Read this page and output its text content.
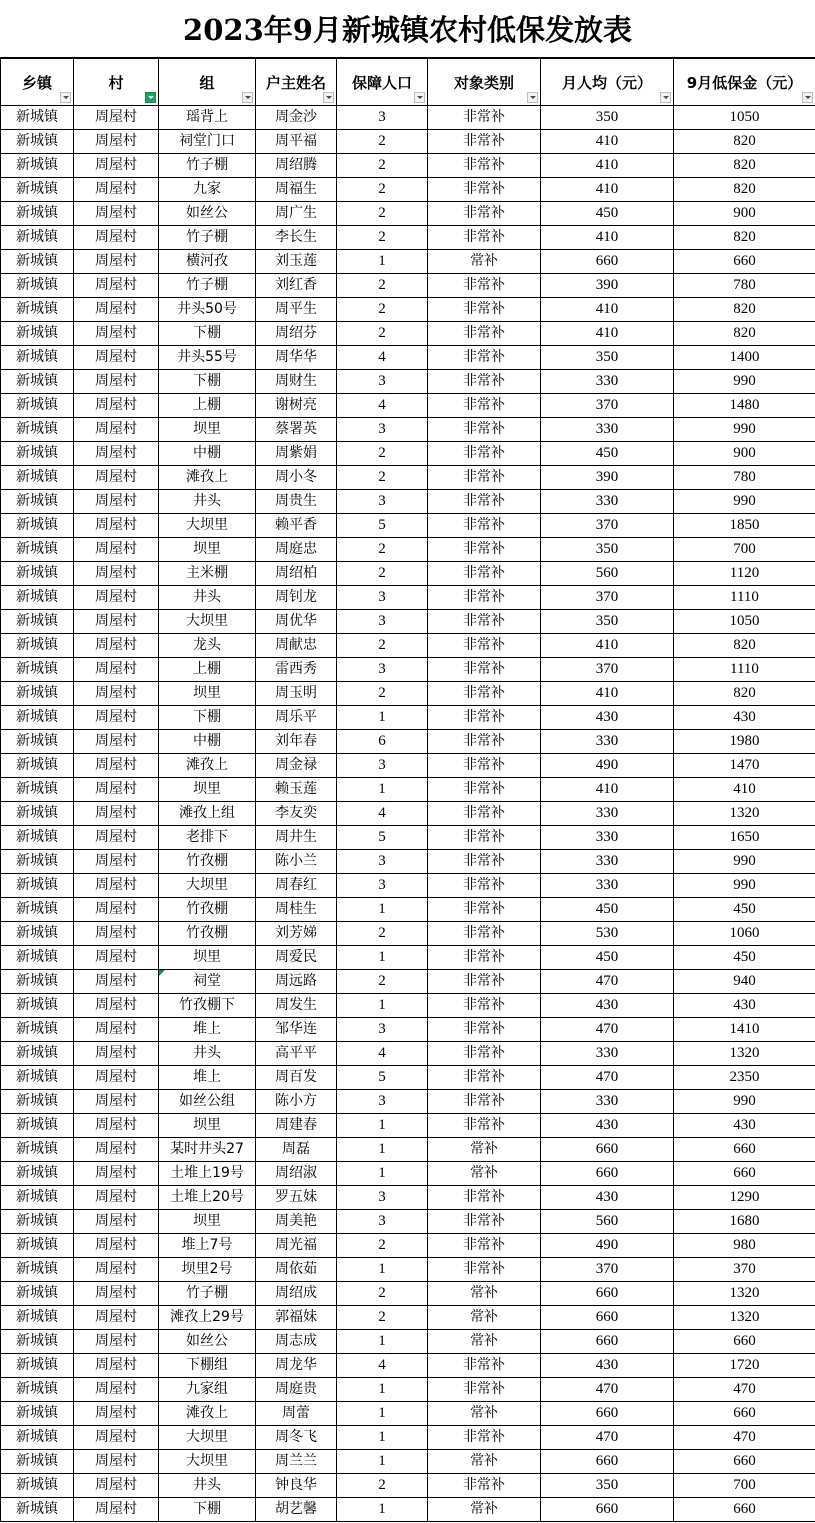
2023年9月新城镇农村低保发放表
乡镇	村	组	户主姓名	保障人口	对象类别	月人均（元）	9月低保金（元）

新城镇	周屋村	瑶背上	周金沙	3	非常补	350	1050
新城镇	周屋村	祠堂门口	周平福	2	非常补	410	820
新城镇	周屋村	竹子棚	周绍腾	2	非常补	410	820
新城镇	周屋村	九家	周福生	2	非常补	410	820
新城镇	周屋村	如丝公	周广生	2	非常补	450	900
新城镇	周屋村	竹子棚	李长生	2	非常补	410	820
新城镇	周屋村	横河孜	刘玉莲	1	常补	660	660
新城镇	周屋村	竹子棚	刘红香	2	非常补	390	780
新城镇	周屋村	井头50号	周平生	2	非常补	410	820
新城镇	周屋村	下棚	周绍芬	2	非常补	410	820
新城镇	周屋村	井头55号	周华华	4	非常补	350	1400
新城镇	周屋村	下棚	周财生	3	非常补	330	990
新城镇	周屋村	上棚	谢树亮	4	非常补	370	1480
新城镇	周屋村	坝里	蔡署英	3	非常补	330	990
新城镇	周屋村	中棚	周紫娟	2	非常补	450	900
新城镇	周屋村	滩孜上	周小冬	2	非常补	390	780
新城镇	周屋村	井头	周贵生	3	非常补	330	990
新城镇	周屋村	大坝里	赖平香	5	非常补	370	1850
新城镇	周屋村	坝里	周庭忠	2	非常补	350	700
新城镇	周屋村	主米棚	周绍柏	2	非常补	560	1120
新城镇	周屋村	井头	周钊龙	3	非常补	370	1110
新城镇	周屋村	大坝里	周优华	3	非常补	350	1050
新城镇	周屋村	龙头	周献忠	2	非常补	410	820
新城镇	周屋村	上棚	雷西秀	3	非常补	370	1110
新城镇	周屋村	坝里	周玉明	2	非常补	410	820
新城镇	周屋村	下棚	周乐平	1	非常补	430	430
新城镇	周屋村	中棚	刘年春	6	非常补	330	1980
新城镇	周屋村	滩孜上	周金禄	3	非常补	490	1470
新城镇	周屋村	坝里	赖玉莲	1	非常补	410	410
新城镇	周屋村	滩孜上组	李友奕	4	非常补	330	1320
新城镇	周屋村	老排下	周井生	5	非常补	330	1650
新城镇	周屋村	竹孜棚	陈小兰	3	非常补	330	990
新城镇	周屋村	大坝里	周春红	3	非常补	330	990
新城镇	周屋村	竹孜棚	周桂生	1	非常补	450	450
新城镇	周屋村	竹孜棚	刘芳娣	2	非常补	530	1060
新城镇	周屋村	坝里	周爱民	1	非常补	450	450
新城镇	周屋村	祠堂	周远路	2	非常补	470	940
新城镇	周屋村	竹孜棚下	周发生	1	非常补	430	430
新城镇	周屋村	堆上	邹华连	3	非常补	470	1410
新城镇	周屋村	井头	高平平	4	非常补	330	1320
新城镇	周屋村	堆上	周百发	5	非常补	470	2350
新城镇	周屋村	如丝公组	陈小方	3	非常补	330	990
新城镇	周屋村	坝里	周建春	1	非常补	430	430
新城镇	周屋村	某时井头27	周磊	1	常补	660	660
新城镇	周屋村	土堆上19号	周绍淑	1	常补	660	660
新城镇	周屋村	土堆上20号	罗五妹	3	非常补	430	1290
新城镇	周屋村	坝里	周美艳	3	非常补	560	1680
新城镇	周屋村	堆上7号	周光福	2	非常补	490	980
新城镇	周屋村	坝里2号	周依茹	1	非常补	370	370
新城镇	周屋村	竹子棚	周绍成	2	常补	660	1320
新城镇	周屋村	滩孜上29号	郭福妹	2	常补	660	1320
新城镇	周屋村	如丝公	周志成	1	常补	660	660
新城镇	周屋村	下棚组	周龙华	4	非常补	430	1720
新城镇	周屋村	九家组	周庭贵	1	非常补	470	470
新城镇	周屋村	滩孜上	周蕾	1	常补	660	660
新城镇	周屋村	大坝里	周冬飞	1	非常补	470	470
新城镇	周屋村	大坝里	周兰兰	1	常补	660	660
新城镇	周屋村	井头	钟良华	2	非常补	350	700
新城镇	周屋村	下棚	胡艺馨	1	常补	660	660
